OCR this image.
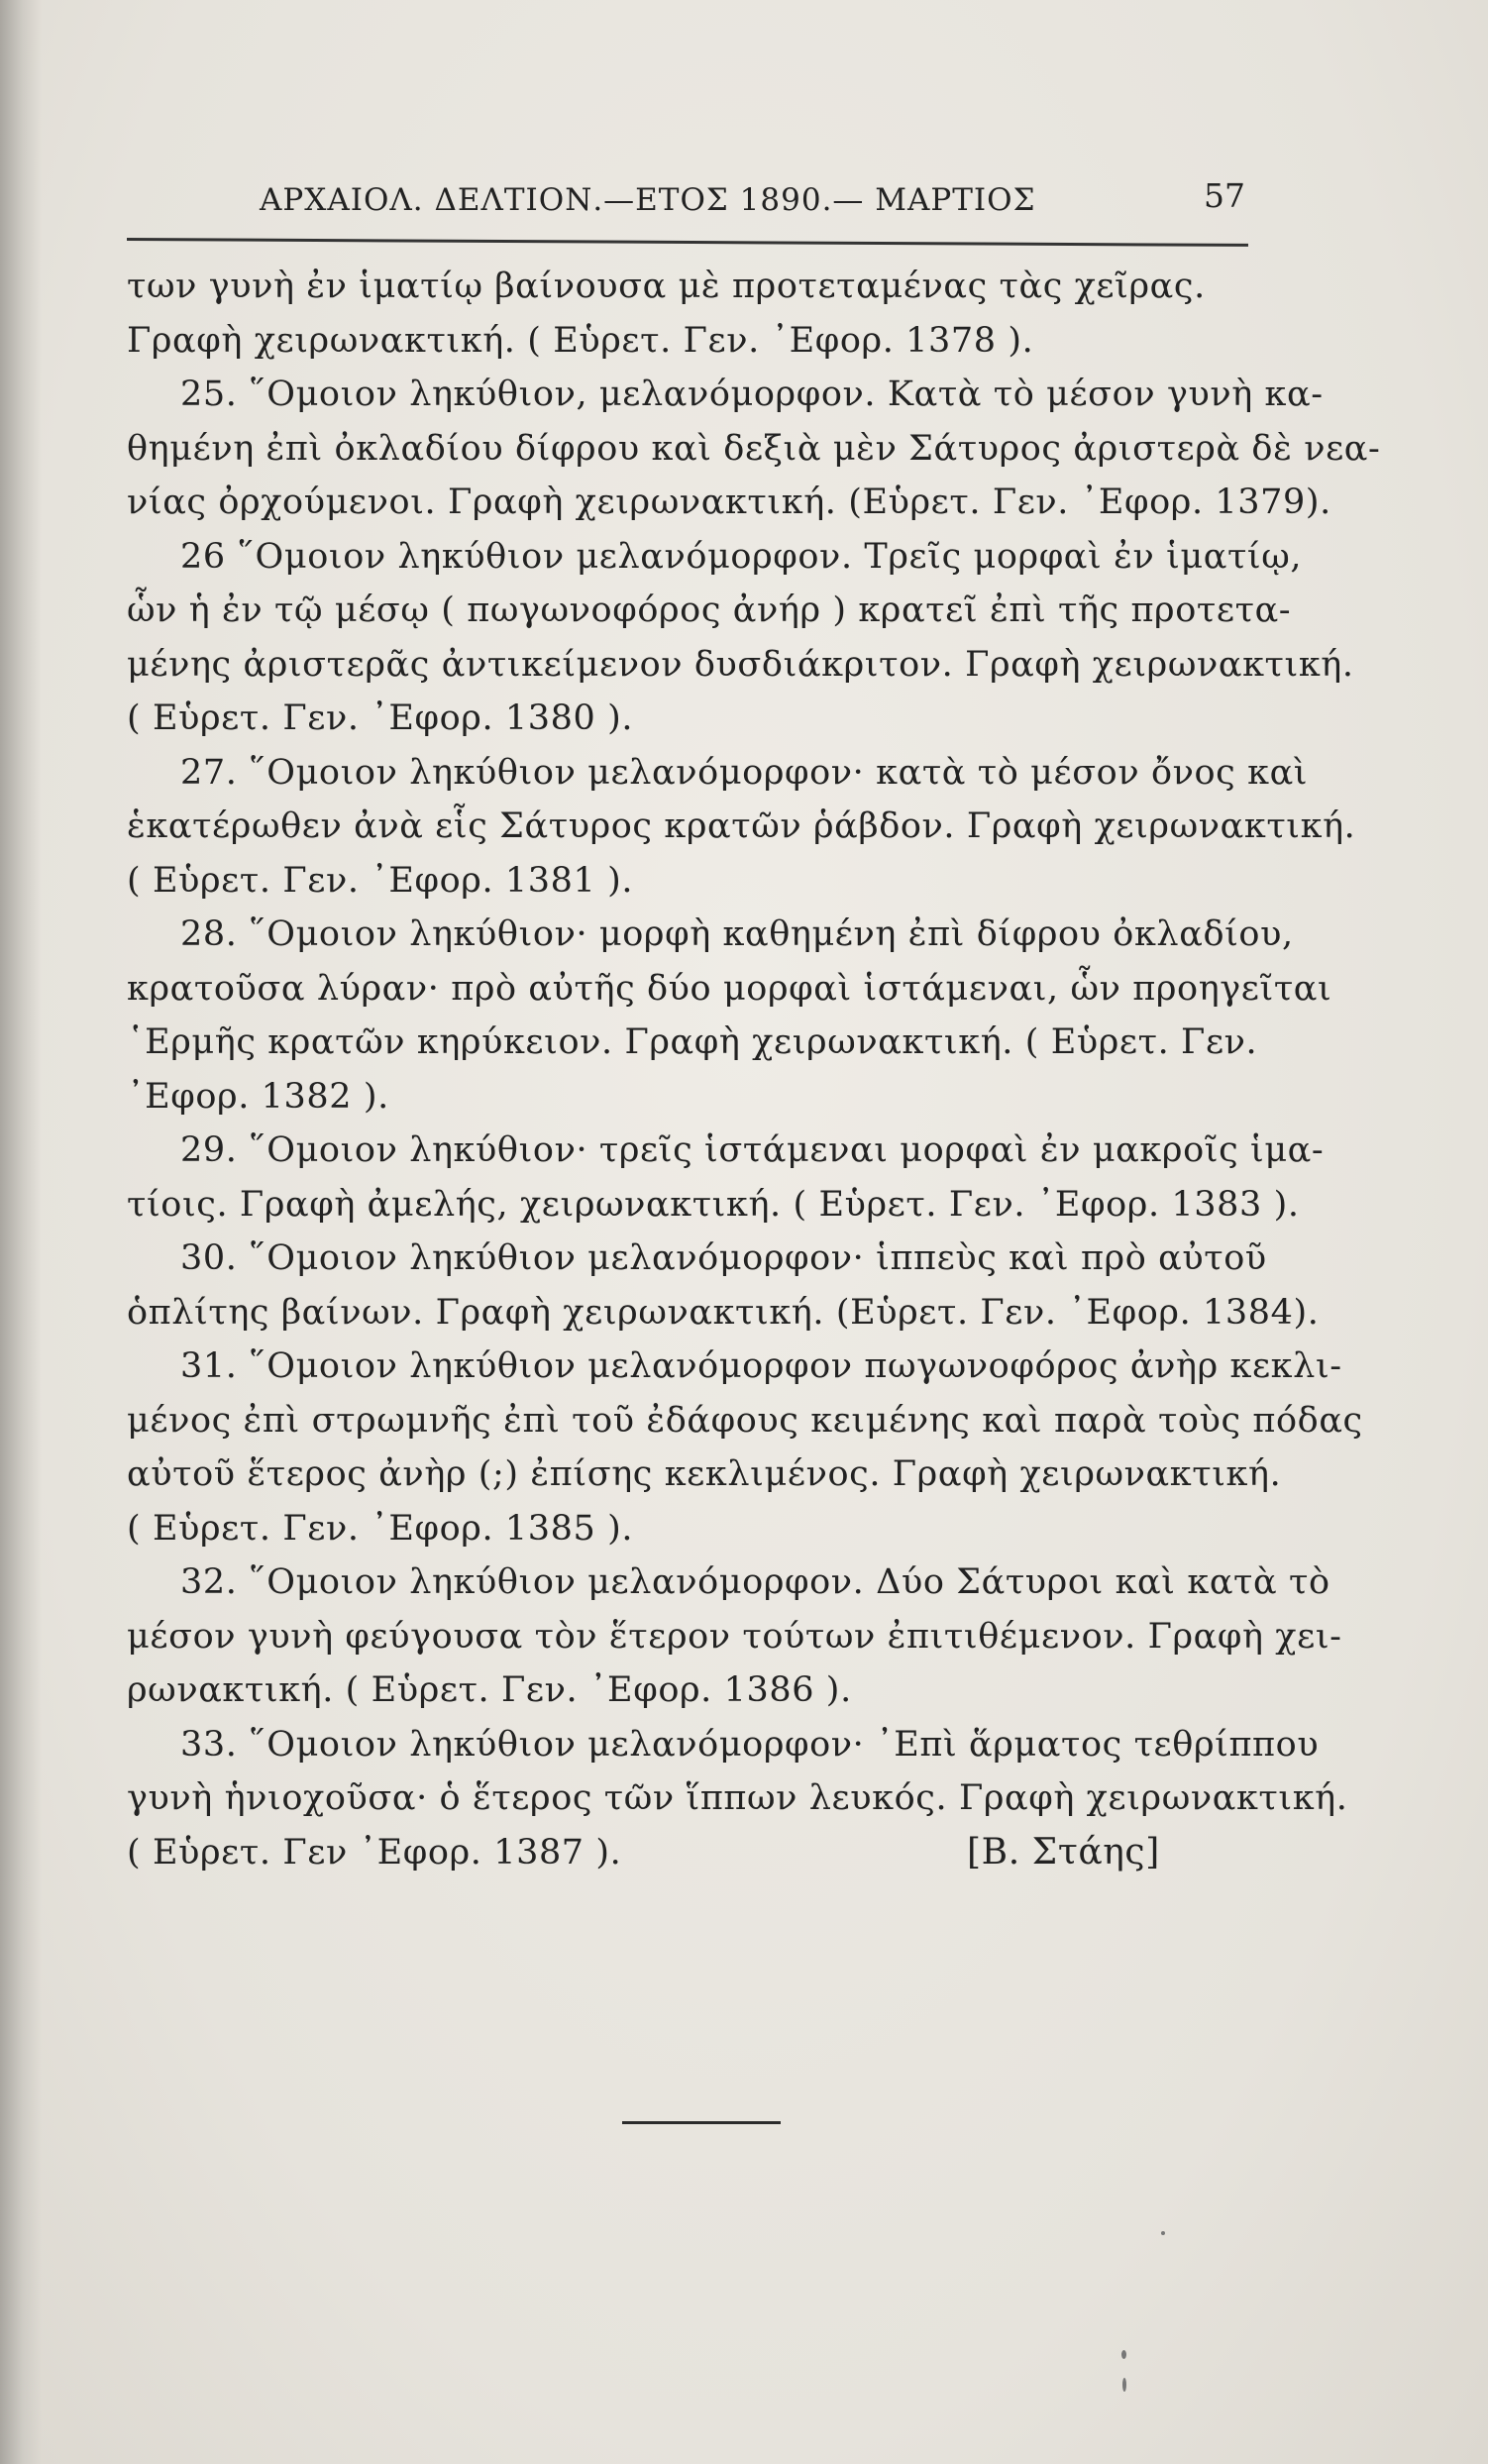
ΑΡΧΑΙΟΛ. ΔΕΛΤΙΟΝ.—ΕΤΟΣ 1890.— ΜΑΡΤΙΟΣ	57
των γυνὴ ἐν ἱματίῳ βαίνουσα μὲ προτεταμένας τὰς χεῖρας.
Γραφὴ χειρωνακτική. ( Εὑρετ. Γεν. ᾿Εφορ. 1378 ).
25. ῞Ομοιον ληκύθιον, μελανόμορφον. Κατὰ τὸ μέσον γυνὴ κα-
θημένη ἐπὶ ὀκλαδίου δίφρου καὶ δεξιὰ μὲν Σάτυρος ἀριστερὰ δὲ νεα-
νίας ὀρχούμενοι. Γραφὴ χειρωνακτική. (Εὑρετ. Γεν. ᾿Εφορ. 1379).
26 ῞Ομοιον ληκύθιον μελανόμορφον. Τρεῖς μορφαὶ ἐν ἱματίῳ,
ὧν ἡ ἐν τῷ μέσῳ ( πωγωνοφόρος ἀνήρ ) κρατεῖ ἐπὶ τῆς προτετα-
μένης ἀριστερᾶς ἀντικείμενον δυσδιάκριτον. Γραφὴ χειρωνακτική.
( Εὑρετ. Γεν. ᾿Εφορ. 1380 ).
27. ῞Ομοιον ληκύθιον μελανόμορφον· κατὰ τὸ μέσον ὄνος καὶ
ἑκατέρωθεν ἀνὰ εἷς Σάτυρος κρατῶν ῥάβδον. Γραφὴ χειρωνακτική.
( Εὑρετ. Γεν. ᾿Εφορ. 1381 ).
28. ῞Ομοιον ληκύθιον· μορφὴ καθημένη ἐπὶ δίφρου ὀκλαδίου,
κρατοῦσα λύραν· πρὸ αὐτῆς δύο μορφαὶ ἱστάμεναι, ὧν προηγεῖται
῾Ερμῆς κρατῶν κηρύκειον. Γραφὴ χειρωνακτική. ( Εὑρετ. Γεν.
᾿Εφορ. 1382 ).
29. ῞Ομοιον ληκύθιον· τρεῖς ἱστάμεναι μορφαὶ ἐν μακροῖς ἱμα-
τίοις. Γραφὴ ἀμελής, χειρωνακτική. ( Εὑρετ. Γεν. ᾿Εφορ. 1383 ).
30. ῞Ομοιον ληκύθιον μελανόμορφον· ἱππεὺς καὶ πρὸ αὐτοῦ
ὁπλίτης βαίνων. Γραφὴ χειρωνακτική. (Εὑρετ. Γεν. ᾿Εφορ. 1384).
31. ῞Ομοιον ληκύθιον μελανόμορφον πωγωνοφόρος ἀνὴρ κεκλι-
μένος ἐπὶ στρωμνῆς ἐπὶ τοῦ ἐδάφους κειμένης καὶ παρὰ τοὺς πόδας
αὐτοῦ ἕτερος ἀνὴρ (;) ἐπίσης κεκλιμένος. Γραφὴ χειρωνακτική.
( Εὑρετ. Γεν. ᾿Εφορ. 1385 ).
32. ῞Ομοιον ληκύθιον μελανόμορφον. Δύο Σάτυροι καὶ κατὰ τὸ
μέσον γυνὴ φεύγουσα τὸν ἕτερον τούτων ἐπιτιθέμενον. Γραφὴ χει-
ρωνακτική. ( Εὑρετ. Γεν. ᾿Εφορ. 1386 ).
33. ῞Ομοιον ληκύθιον μελανόμορφον· ᾿Επὶ ἅρματος τεθρίππου
γυνὴ ἡνιοχοῦσα· ὁ ἕτερος τῶν ἵππων λευκός. Γραφὴ χειρωνακτική.
( Εὑρετ. Γεν ᾿Εφορ. 1387 ).	[Β. Στάης]
